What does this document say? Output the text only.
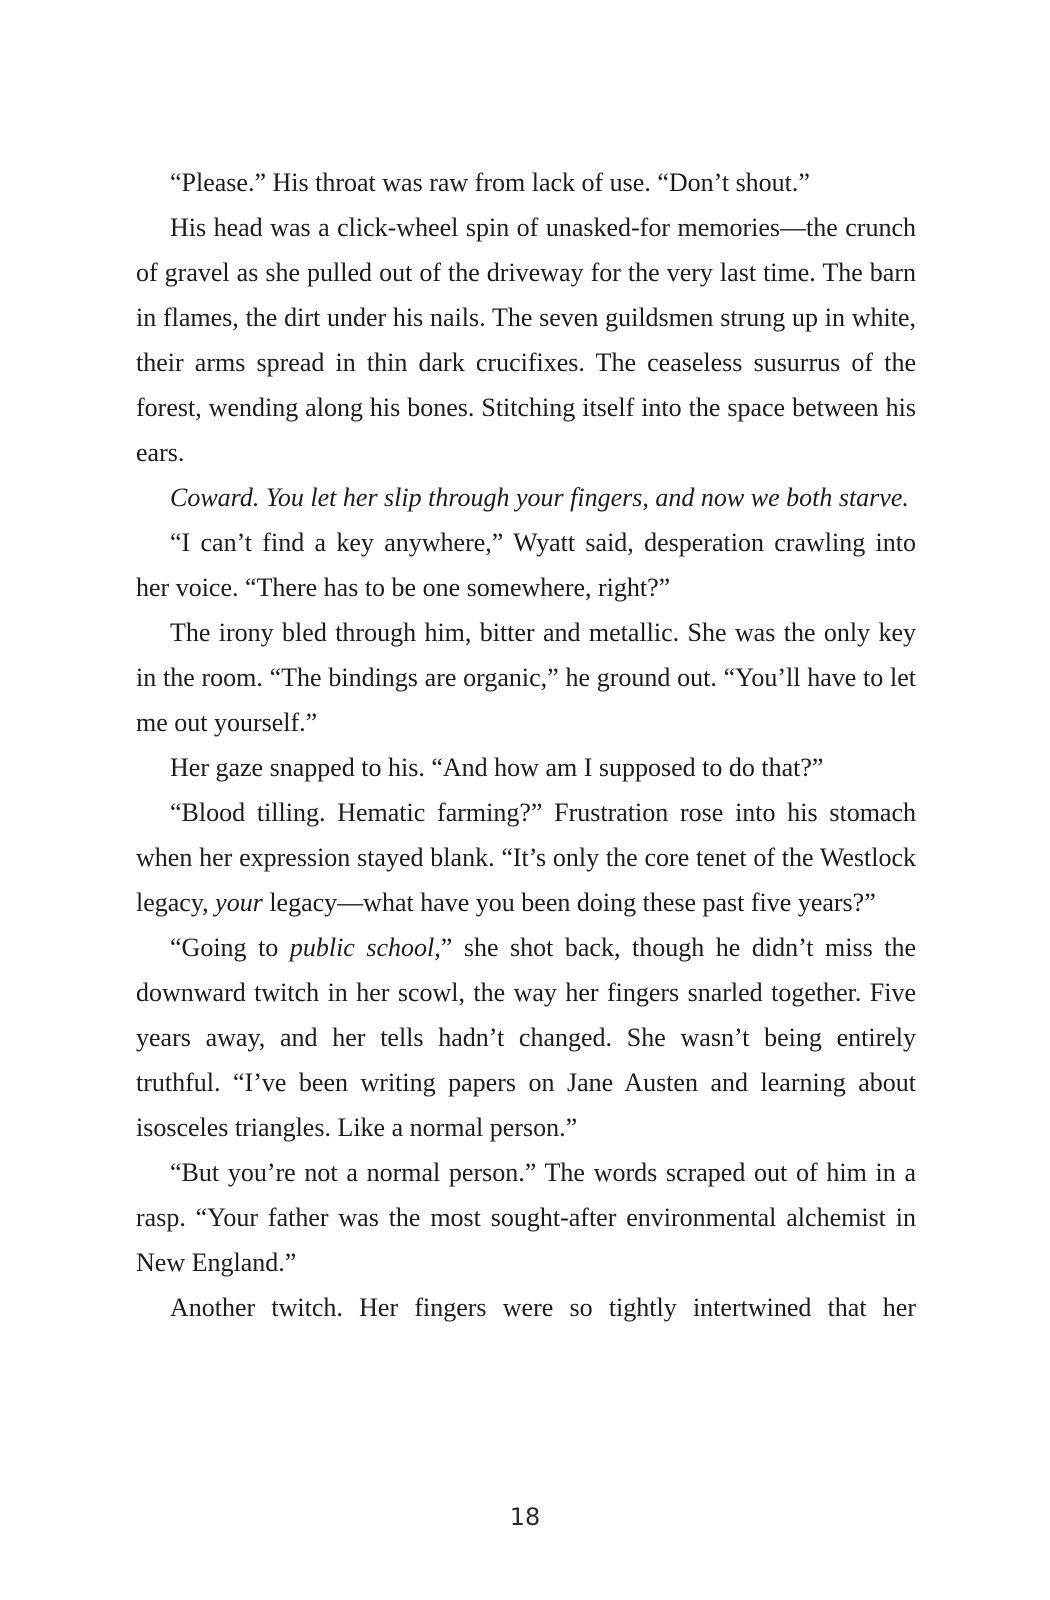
“Please.” His throat was raw from lack of use. “Don’t shout.”

His head was a click-wheel spin of unasked-for memories—the crunch of gravel as she pulled out of the driveway for the very last time. The barn in flames, the dirt under his nails. The seven guildsmen strung up in white, their arms spread in thin dark crucifixes. The ceaseless susurrus of the forest, wending along his bones. Stitching itself into the space between his ears.

Coward. You let her slip through your fingers, and now we both starve.

“I can’t find a key anywhere,” Wyatt said, desperation crawling into her voice. “There has to be one somewhere, right?”

The irony bled through him, bitter and metallic. She was the only key in the room. “The bindings are organic,” he ground out. “You’ll have to let me out yourself.”

Her gaze snapped to his. “And how am I supposed to do that?”

“Blood tilling. Hematic farming?” Frustration rose into his stomach when her expression stayed blank. “It’s only the core tenet of the Westlock legacy, your legacy—what have you been doing these past five years?”

“Going to public school,” she shot back, though he didn’t miss the downward twitch in her scowl, the way her fingers snarled together. Five years away, and her tells hadn’t changed. She wasn’t being entirely truthful. “I’ve been writing papers on Jane Austen and learning about isosceles triangles. Like a normal person.”

“But you’re not a normal person.” The words scraped out of him in a rasp. “Your father was the most sought-after environmental alchemist in New England.”

Another twitch. Her fingers were so tightly intertwined that her

18
